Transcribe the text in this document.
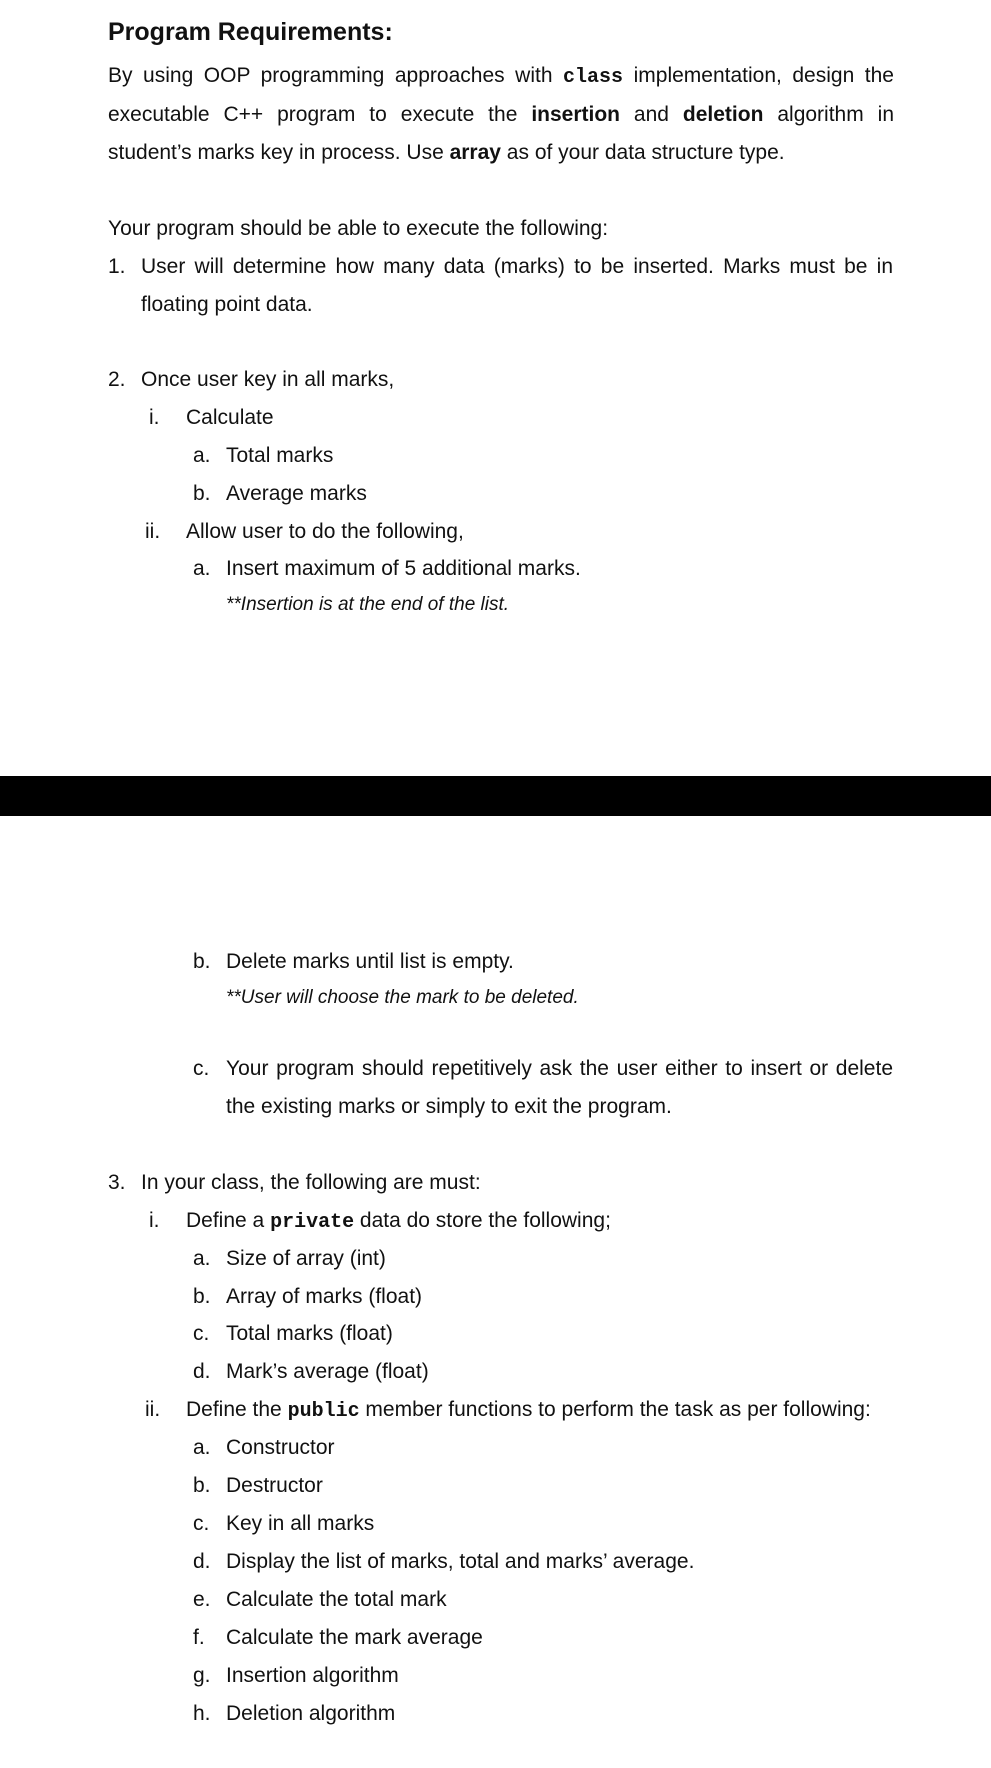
Program Requirements:
By using OOP programming approaches with class implementation, design the
executable C++ program to execute the insertion and deletion algorithm in
student’s marks key in process. Use array as of your data structure type.
Your program should be able to execute the following:
1. User will determine how many data (marks) to be inserted. Marks must be in
floating point data.
2. Once user key in all marks,
i. Calculate
a. Total marks
b. Average marks
ii. Allow user to do the following,
a. Insert maximum of 5 additional marks.
**Insertion is at the end of the list.
b. Delete marks until list is empty.
**User will choose the mark to be deleted.
c. Your program should repetitively ask the user either to insert or delete
the existing marks or simply to exit the program.
3. In your class, the following are must:
i. Define a private data do store the following;
a. Size of array (int)
b. Array of marks (float)
c. Total marks (float)
d. Mark’s average (float)
ii. Define the public member functions to perform the task as per following:
a. Constructor
b. Destructor
c. Key in all marks
d. Display the list of marks, total and marks’ average.
e. Calculate the total mark
f. Calculate the mark average
g. Insertion algorithm
h. Deletion algorithm
